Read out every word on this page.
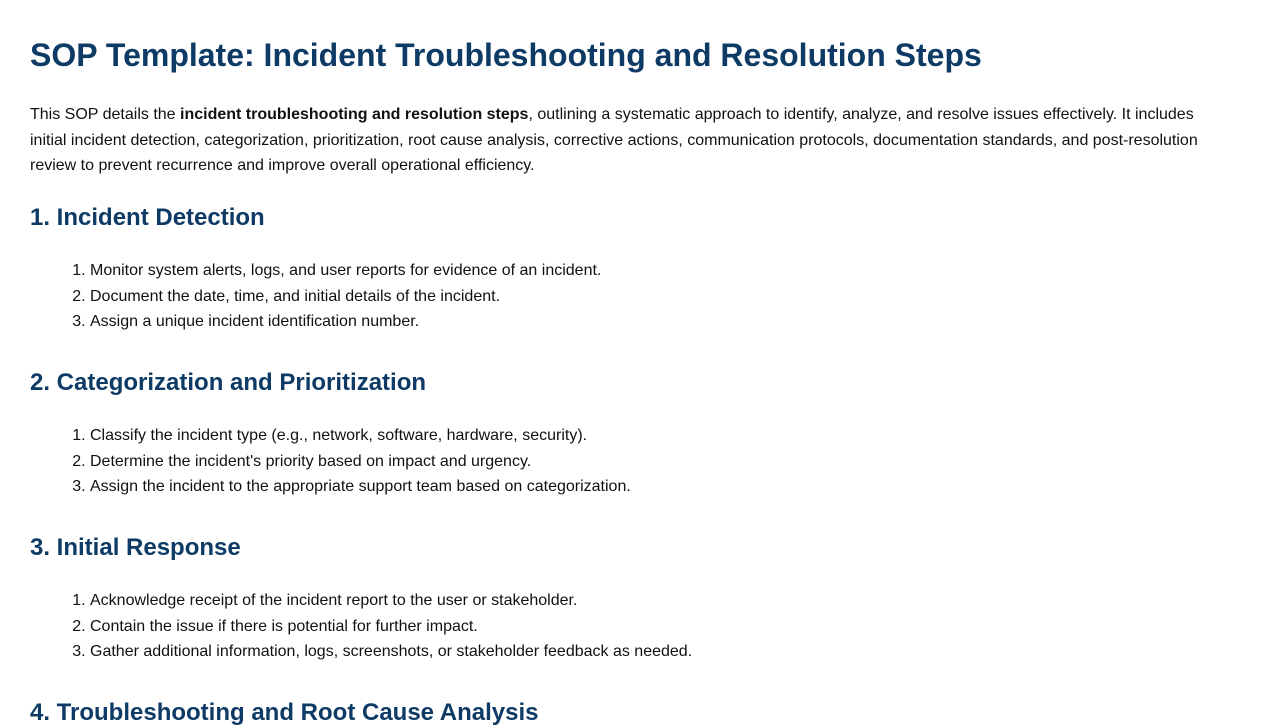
SOP Template: Incident Troubleshooting and Resolution Steps

This SOP details the incident troubleshooting and resolution steps, outlining a systematic approach to identify, analyze, and resolve issues effectively. It includes initial incident detection, categorization, prioritization, root cause analysis, corrective actions, communication protocols, documentation standards, and post-resolution review to prevent recurrence and improve overall operational efficiency.

1. Incident Detection
1. Monitor system alerts, logs, and user reports for evidence of an incident.
2. Document the date, time, and initial details of the incident.
3. Assign a unique incident identification number.
2. Categorization and Prioritization
1. Classify the incident type (e.g., network, software, hardware, security).
2. Determine the incident's priority based on impact and urgency.
3. Assign the incident to the appropriate support team based on categorization.
3. Initial Response
1. Acknowledge receipt of the incident report to the user or stakeholder.
2. Contain the issue if there is potential for further impact.
3. Gather additional information, logs, screenshots, or stakeholder feedback as needed.
4. Troubleshooting and Root Cause Analysis
